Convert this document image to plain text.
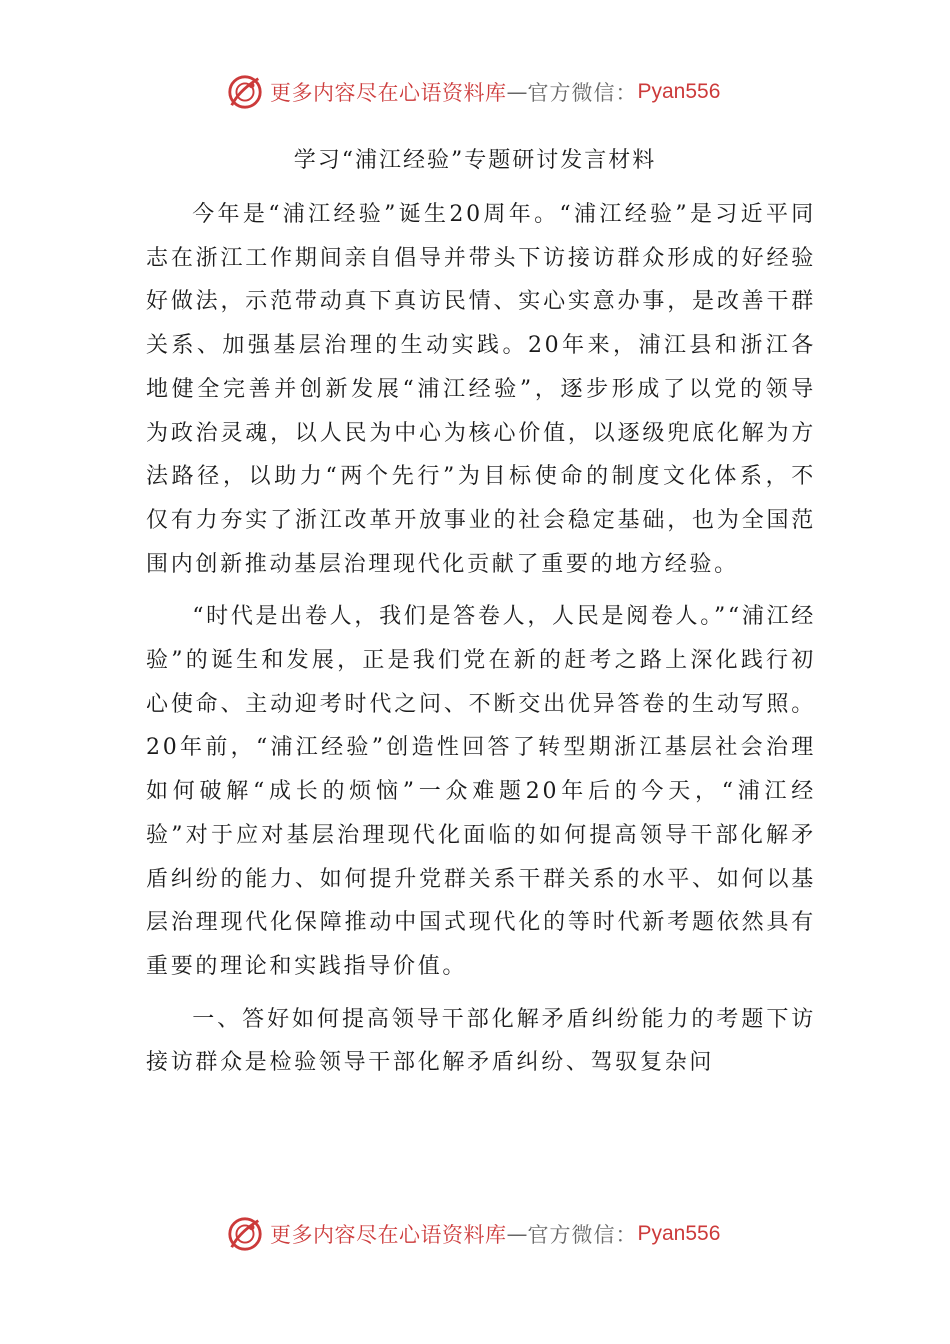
更多内容尽在心语资料库 — 官方微信： Pyan556
学习“浦江经验”专题研讨发言材料

今年是“浦江经验”诞生20周年。“浦江经验”是习近平同志在浙江工作期间亲自倡导并带头下访接访群众形成的好经验好做法，示范带动真下真访民情、实心实意办事，是改善干群关系、加强基层治理的生动实践。20年来，浦江县和浙江各地健全完善并创新发展“浦江经验”，逐步形成了以党的领导为政治灵魂，以人民为中心为核心价值，以逐级兜底化解为方法路径，以助力“两个先行”为目标使命的制度文化体系，不仅有力夯实了浙江改革开放事业的社会稳定基础，也为全国范围内创新推动基层治理现代化贡献了重要的地方经验。

“时代是出卷人，我们是答卷人，人民是阅卷人。”“浦江经验”的诞生和发展，正是我们党在新的赶考之路上深化践行初心使命、主动迎考时代之问、不断交出优异答卷的生动写照。20年前，“浦江经验”创造性回答了转型期浙江基层社会治理如何破解“成长的烦恼”一众难题20年后的今天，“浦江经验”对于应对基层治理现代化面临的如何提高领导干部化解矛盾纠纷的能力、如何提升党群关系干群关系的水平、如何以基层治理现代化保障推动中国式现代化的等时代新考题依然具有重要的理论和实践指导价值。

一、答好如何提高领导干部化解矛盾纠纷能力的考题下访接访群众是检验领导干部化解矛盾纠纷、驾驭复杂问

更多内容尽在心语资料库 — 官方微信： Pyan556
